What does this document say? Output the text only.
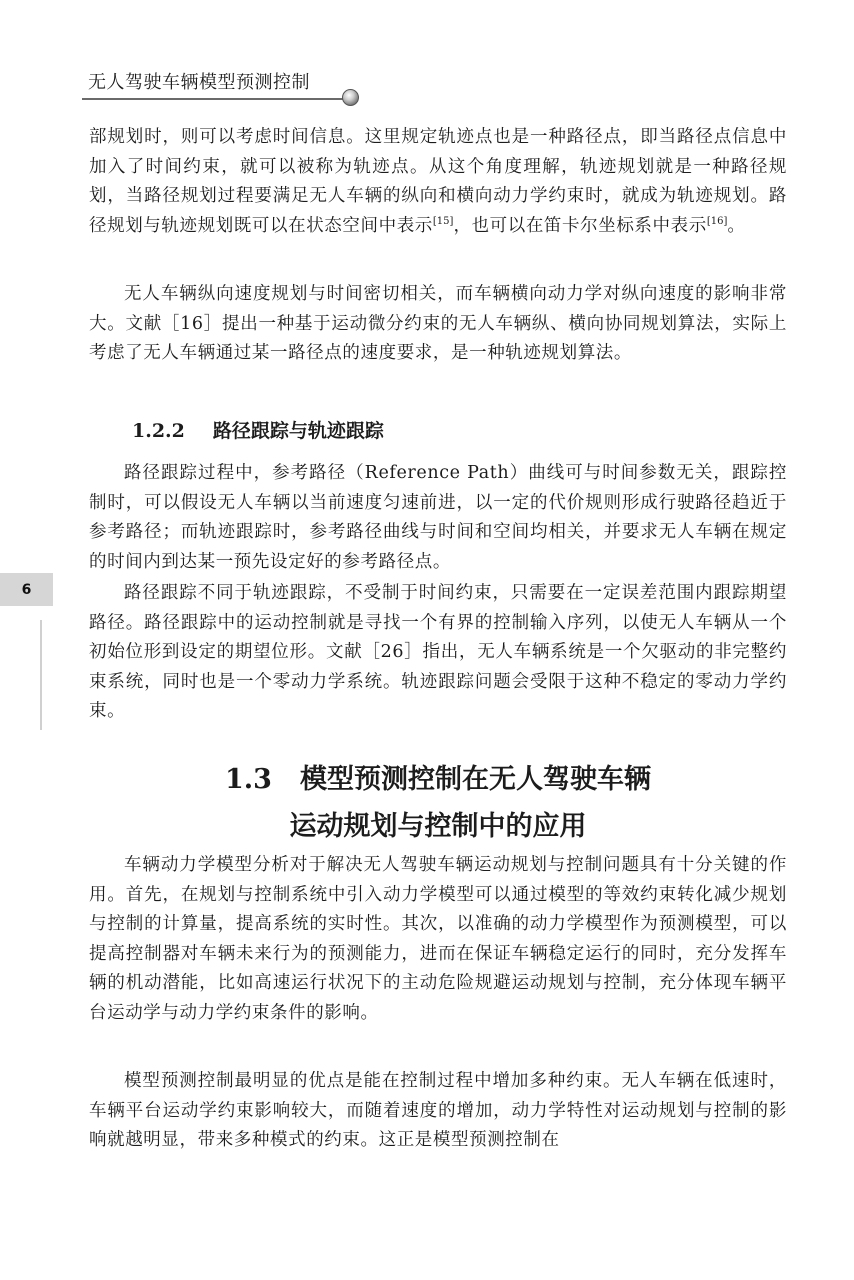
无人驾驶车辆模型预测控制
6

部规划时，则可以考虑时间信息。这里规定轨迹点也是一种路径点，即当路径点信息中加入了时间约束，就可以被称为轨迹点。从这个角度理解，轨迹规划就是一种路径规划，当路径规划过程要满足无人车辆的纵向和横向动力学约束时，就成为轨迹规划。路径规划与轨迹规划既可以在状态空间中表示[15]，也可以在笛卡尔坐标系中表示[16]。

无人车辆纵向速度规划与时间密切相关，而车辆横向动力学对纵向速度的影响非常大。文献［16］提出一种基于运动微分约束的无人车辆纵、横向协同规划算法，实际上考虑了无人车辆通过某一路径点的速度要求，是一种轨迹规划算法。

1.2.2 路径跟踪与轨迹跟踪

路径跟踪过程中，参考路径（Reference Path）曲线可与时间参数无关，跟踪控制时，可以假设无人车辆以当前速度匀速前进，以一定的代价规则形成行驶路径趋近于参考路径；而轨迹跟踪时，参考路径曲线与时间和空间均相关，并要求无人车辆在规定的时间内到达某一预先设定好的参考路径点。

路径跟踪不同于轨迹跟踪，不受制于时间约束，只需要在一定误差范围内跟踪期望路径。路径跟踪中的运动控制就是寻找一个有界的控制输入序列，以使无人车辆从一个初始位形到设定的期望位形。文献［26］指出，无人车辆系统是一个欠驱动的非完整约束系统，同时也是一个零动力学系统。轨迹跟踪问题会受限于这种不稳定的零动力学约束。

1.3 模型预测控制在无人驾驶车辆
运动规划与控制中的应用

车辆动力学模型分析对于解决无人驾驶车辆运动规划与控制问题具有十分关键的作用。首先，在规划与控制系统中引入动力学模型可以通过模型的等效约束转化减少规划与控制的计算量，提高系统的实时性。其次，以准确的动力学模型作为预测模型，可以提高控制器对车辆未来行为的预测能力，进而在保证车辆稳定运行的同时，充分发挥车辆的机动潜能，比如高速运行状况下的主动危险规避运动规划与控制，充分体现车辆平台运动学与动力学约束条件的影响。

模型预测控制最明显的优点是能在控制过程中增加多种约束。无人车辆在低速时，车辆平台运动学约束影响较大，而随着速度的增加，动力学特性对运动规划与控制的影响就越明显，带来多种模式的约束。这正是模型预测控制在
